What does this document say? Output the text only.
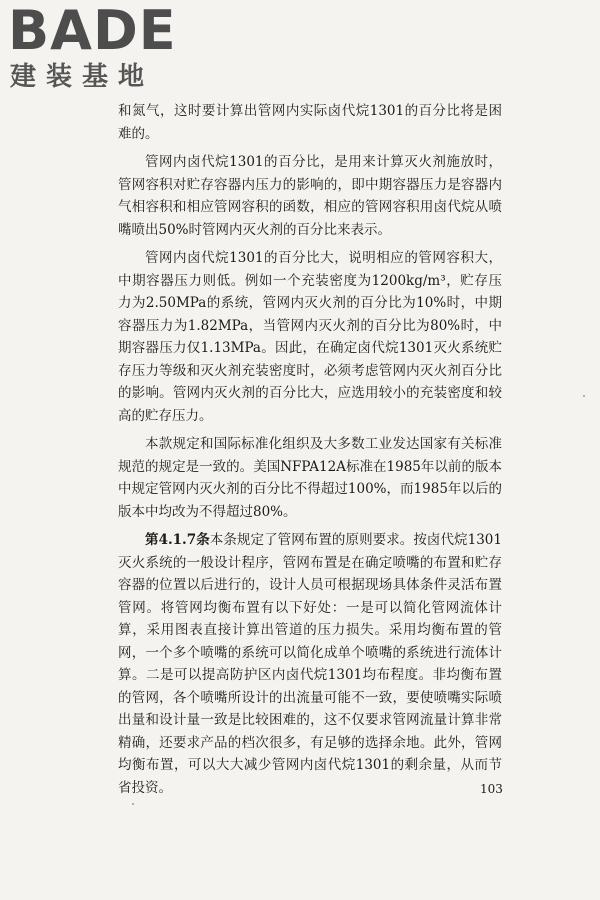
BADE
建装基地

和氮气，这时要计算出管网内实际卤代烷1301的百分比将是困难的。

管网内卤代烷1301的百分比，是用来计算灭火剂施放时，管网容积对贮存容器内压力的影响的，即中期容器压力是容器内气相容积和相应管网容积的函数，相应的管网容积用卤代烷从喷嘴喷出50%时管网内灭火剂的百分比来表示。

管网内卤代烷1301的百分比大，说明相应的管网容积大，中期容器压力则低。例如一个充装密度为1200kg/m³，贮存压力为2.50MPa的系统，管网内灭火剂的百分比为10%时，中期容器压力为1.82MPa，当管网内灭火剂的百分比为80%时，中期容器压力仅1.13MPa。因此，在确定卤代烷1301灭火系统贮存压力等级和灭火剂充装密度时，必须考虑管网内灭火剂百分比的影响。管网内灭火剂的百分比大，应选用较小的充装密度和较高的贮存压力。

本款规定和国际标准化组织及大多数工业发达国家有关标准规范的规定是一致的。美国NFPA12A标准在1985年以前的版本中规定管网内灭火剂的百分比不得超过100%，而1985年以后的版本中均改为不得超过80%。

第4.1.7条本条规定了管网布置的原则要求。按卤代烷1301灭火系统的一般设计程序，管网布置是在确定喷嘴的布置和贮存容器的位置以后进行的，设计人员可根据现场具体条件灵活布置管网。将管网均衡布置有以下好处：一是可以简化管网流体计算，采用图表直接计算出管道的压力损失。采用均衡布置的管网，一个多个喷嘴的系统可以简化成单个喷嘴的系统进行流体计算。二是可以提高防护区内卤代烷1301均布程度。非均衡布置的管网，各个喷嘴所设计的出流量可能不一致，要使喷嘴实际喷出量和设计量一致是比较困难的，这不仅要求管网流量计算非常精确，还要求产品的档次很多，有足够的选择余地。此外，管网均衡布置，可以大大减少管网内卤代烷1301的剩余量，从而节省投资。	103
